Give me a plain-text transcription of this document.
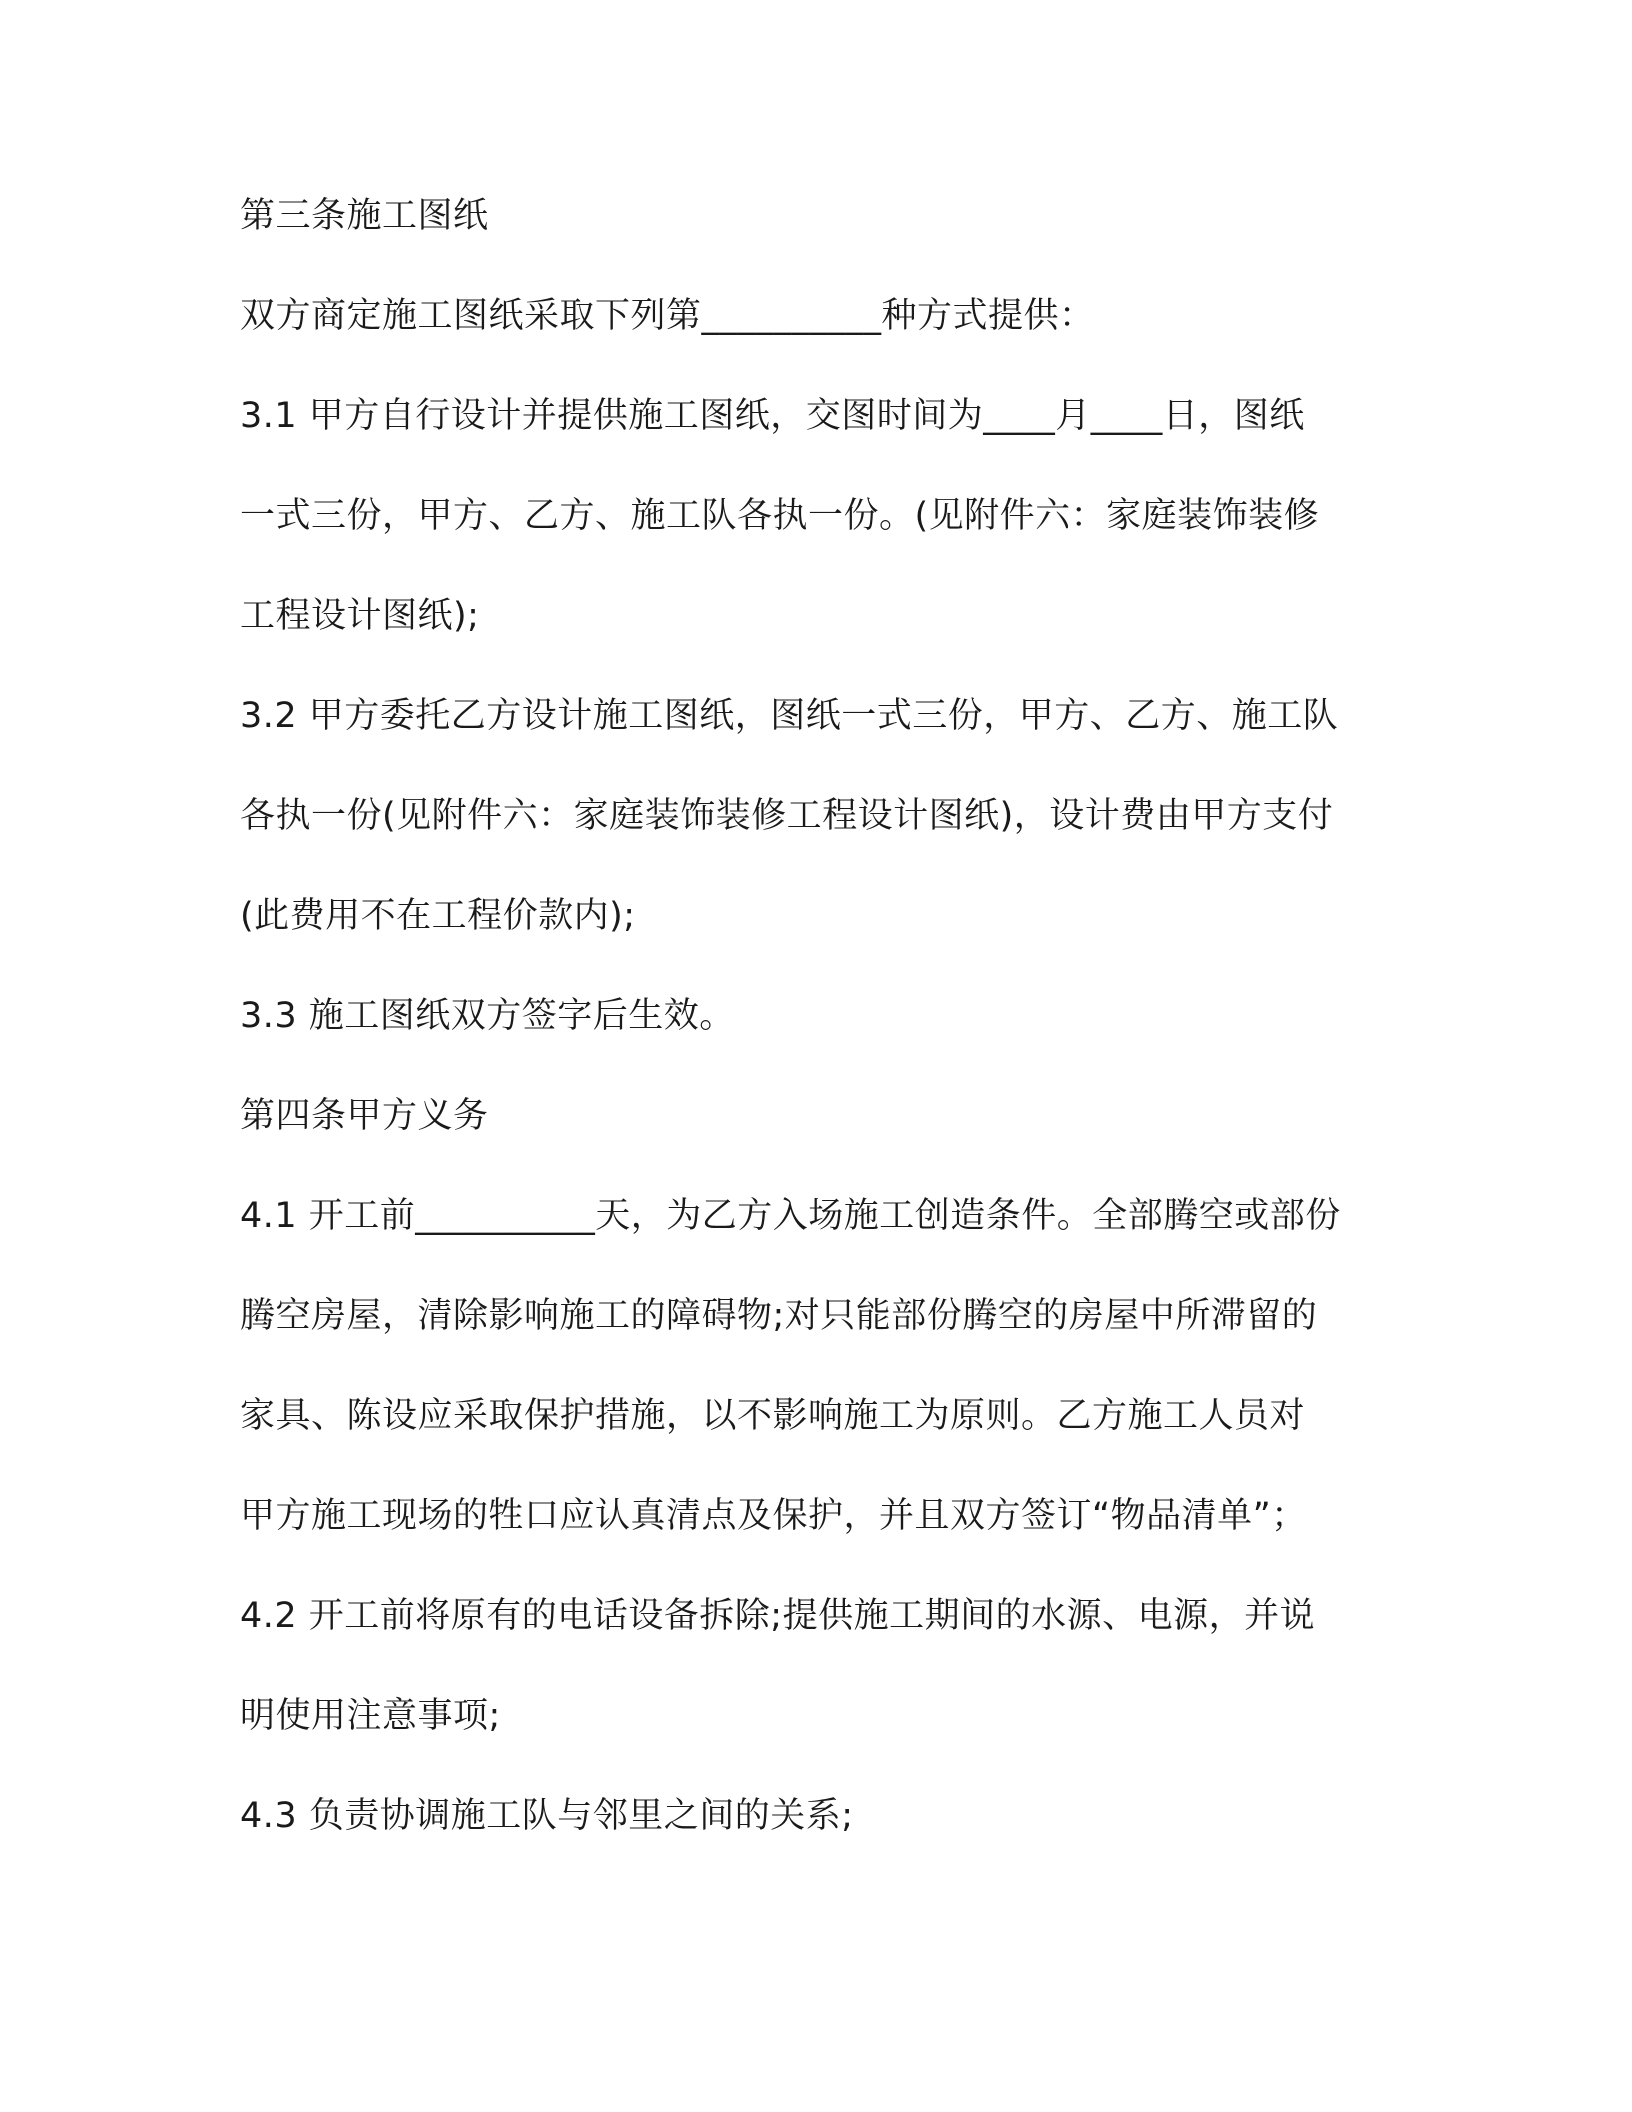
第三条施工图纸
双方商定施工图纸采取下列第__________种方式提供：
3.1 甲方自行设计并提供施工图纸，交图时间为____月____日，图纸
一式三份，甲方、乙方、施工队各执一份。(见附件六：家庭装饰装修
工程设计图纸);
3.2 甲方委托乙方设计施工图纸，图纸一式三份，甲方、乙方、施工队
各执一份(见附件六：家庭装饰装修工程设计图纸)，设计费由甲方支付
(此费用不在工程价款内);
3.3 施工图纸双方签字后生效。
第四条甲方义务
4.1 开工前__________天，为乙方入场施工创造条件。全部腾空或部份
腾空房屋，清除影响施工的障碍物;对只能部份腾空的房屋中所滞留的
家具、陈设应采取保护措施，以不影响施工为原则。乙方施工人员对
甲方施工现场的牲口应认真清点及保护，并且双方签订“物品清单”；
4.2 开工前将原有的电话设备拆除;提供施工期间的水源、电源，并说
明使用注意事项;
4.3 负责协调施工队与邻里之间的关系;
